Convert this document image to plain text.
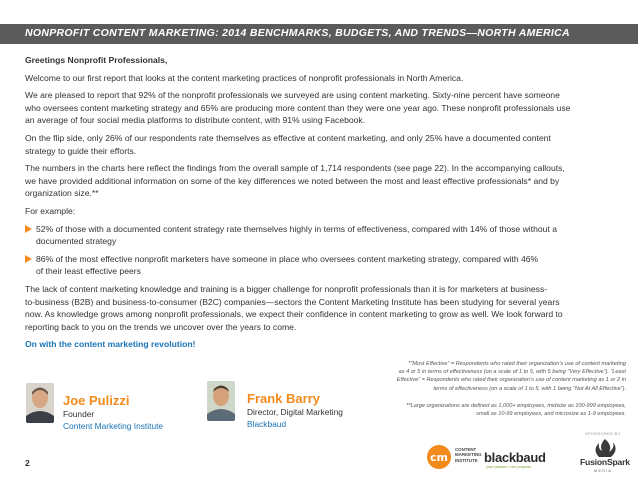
NONPROFIT CONTENT MARKETING: 2014 BENCHMARKS, BUDGETS, AND TRENDS—NORTH AMERICA

Greetings Nonprofit Professionals,

Welcome to our first report that looks at the content marketing practices of nonprofit professionals in North America.

We are pleased to report that 92% of the nonprofit professionals we surveyed are using content marketing. Sixty-nine percent have someone
who oversees content marketing strategy and 65% are producing more content than they were one year ago. These nonprofit professionals use
an average of four social media platforms to distribute content, with 91% using Facebook.

On the flip side, only 26% of our respondents rate themselves as effective at content marketing, and only 25% have a documented content
strategy to guide their efforts.

The numbers in the charts here reflect the findings from the overall sample of 1,714 respondents (see page 22). In the accompanying callouts,
we have provided additional information on some of the key differences we noted between the most and least effective professionals* and by
organization size.**

For example:

52% of those with a documented content strategy rate themselves highly in terms of effectiveness, compared with 14% of those without a
documented strategy
86% of the most effective nonprofit marketers have someone in place who oversees content marketing strategy, compared with 46%
of their least effective peers

The lack of content marketing knowledge and training is a bigger challenge for nonprofit professionals than it is for marketers at business-
to-business (B2B) and business-to-consumer (B2C) companies—sectors the Content Marketing Institute has been studying for several years
now. As knowledge grows among nonprofit professionals, we expect their confidence in content marketing to grow as well. We look forward to
reporting back to you on the trends we uncover over the years to come.

On with the content marketing revolution!

Joe Pulizzi
Founder
Content Marketing Institute
Frank Barry
Director, Digital Marketing
Blackbaud
*“Most Effective” = Respondents who rated their organization’s use of content marketing
as 4 or 5 in terms of effectiveness (on a scale of 1 to 5, with 5 being “Very Effective”). “Least
Effective” = Respondents who rated their organization’s use of content marketing as 1 or 2 in
terms of effectiveness (on a scale of 1 to 5, with 1 being “Not At All Effective”).
**Large organizations are defined as 1,000+ employees, midsize as 100-999 employees,
small as 10-99 employees, and microsize as 1-9 employees.
SPONSORED BY
cm
CONTENT
MARKETING
INSTITUTE blackbaud
your passion • our purpose	FusionSpark
M E D I A
2
